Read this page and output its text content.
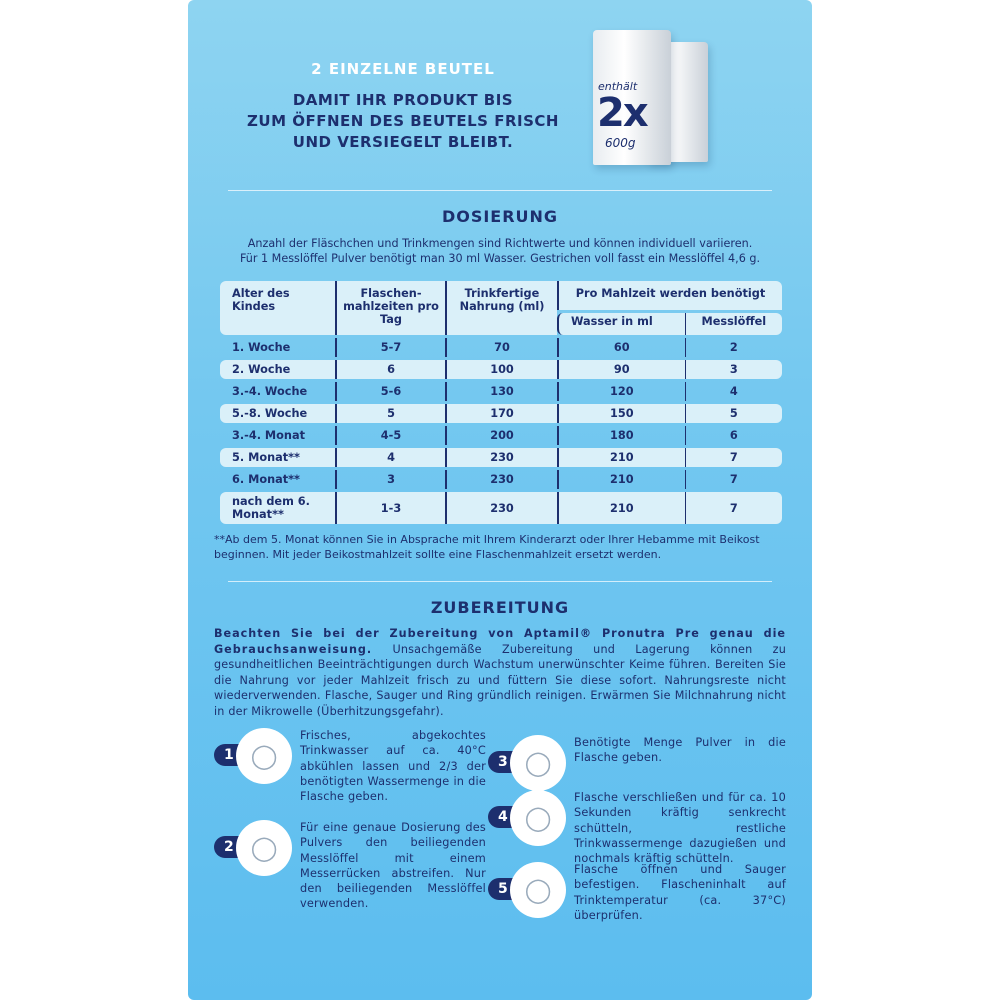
2 EINZELNE BEUTEL
DAMIT IHR PRODUKT BIS
ZUM ÖFFNEN DES BEUTELS FRISCH
UND VERSIEGELT BLEIBT.
enthält
2x
600g
DOSIERUNG
Anzahl der Fläschchen und Trinkmengen sind Richtwerte und können individuell variieren.
Für 1 Messlöffel Pulver benötigt man 30 ml Wasser. Gestrichen voll fasst ein Messlöffel 4,6 g.
Alter des Kindes	Flaschen- mahlzeiten pro Tag	Trinkfertige Nahrung (ml)	Pro Mahlzeit werden benötigt	
			Wasser in ml	Messlöffel
1. Woche	5-7	70	60	2
2. Woche	6	100	90	3
3.-4. Woche	5-6	130	120	4
5.-8. Woche	5	170	150	5
3.-4. Monat	4-5	200	180	6
5. Monat**	4	230	210	7
6. Monat**	3	230	210	7
nach dem 6. Monat**	1-3	230	210	7
**Ab dem 5. Monat können Sie in Absprache mit Ihrem Kinderarzt oder Ihrer Hebamme mit Beikost beginnen. Mit jeder Beikostmahlzeit sollte eine Flaschenmahlzeit ersetzt werden.
ZUBEREITUNG
Beachten Sie bei der Zubereitung von Aptamil® Pronutra Pre genau die Gebrauchsanweisung. Unsachgemäße Zubereitung und Lagerung können zu gesundheitlichen Beeinträchtigungen durch Wachstum unerwünschter Keime führen. Bereiten Sie die Nahrung vor jeder Mahlzeit frisch zu und füttern Sie diese sofort. Nahrungsreste nicht wiederverwenden. Flasche, Sauger und Ring gründlich reinigen. Erwärmen Sie Milchnahrung nicht in der Mikrowelle (Überhitzungsgefahr).
1 ◯
Frisches, abgekochtes Trinkwasser auf ca. 40°C abkühlen lassen und 2/3 der benötigten Wassermenge in die Flasche geben.
2 ◯
Für eine genaue Dosierung des Pulvers den beiliegenden Messlöffel mit einem Messerrücken abstreifen. Nur den beiliegenden Messlöffel verwenden.
3 ◯
Benötigte Menge Pulver in die Flasche geben.
4 ◯
Flasche verschließen und für ca. 10 Sekunden kräftig senkrecht schütteln, restliche Trinkwassermenge dazugießen und nochmals kräftig schütteln.
5 ◯
Flasche öffnen und Sauger befestigen. Flascheninhalt auf Trinktemperatur (ca. 37°C) überprüfen.
